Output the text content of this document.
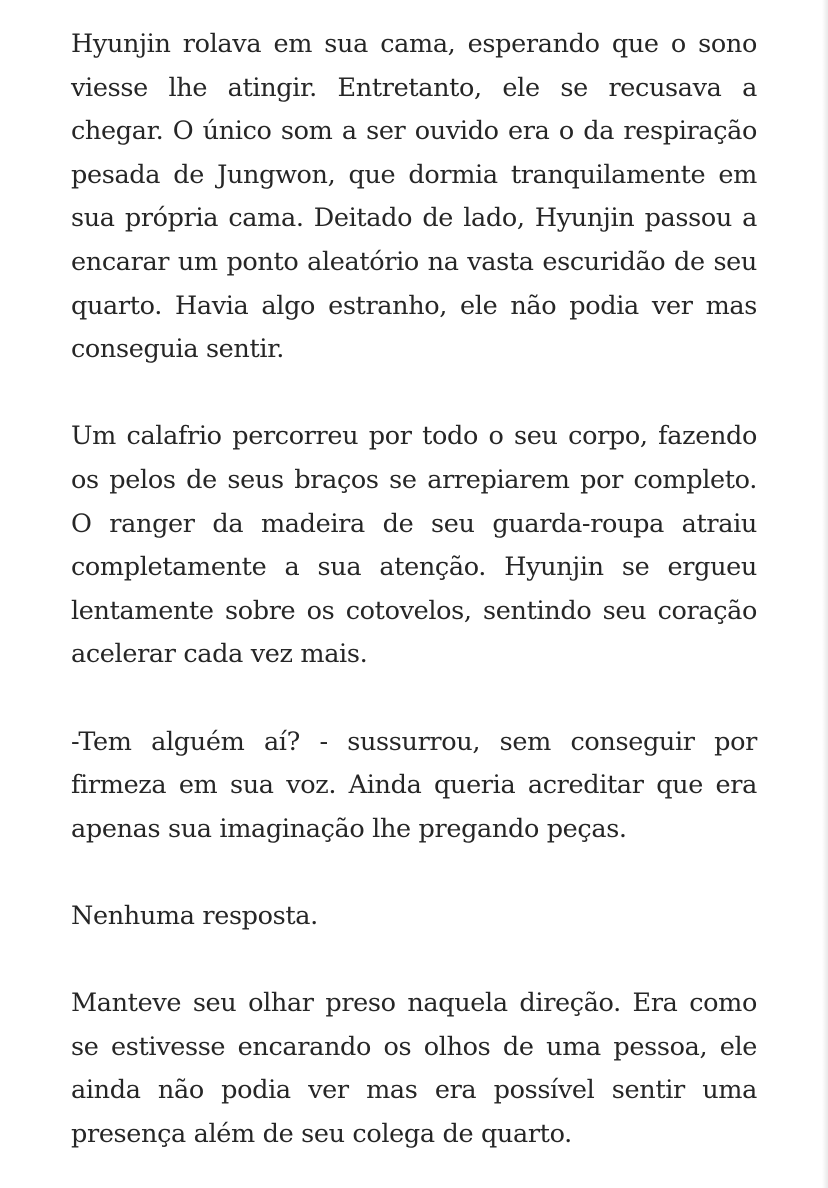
Hyunjin rolava em sua cama, esperando que o sono viesse lhe atingir. Entretanto, ele se recusava a chegar. O único som a ser ouvido era o da respiração pesada de Jungwon, que dormia tranquilamente em sua própria cama. Deitado de lado, Hyunjin passou a encarar um ponto aleatório na vasta escuridão de seu quarto. Havia algo estranho, ele não podia ver mas conseguia sentir.

Um calafrio percorreu por todo o seu corpo, fazendo os pelos de seus braços se arrepiarem por completo. O ranger da madeira de seu guarda-roupa atraiu completamente a sua atenção. Hyunjin se ergueu lentamente sobre os cotovelos, sentindo seu coração acelerar cada vez mais.

-Tem alguém aí? - sussurrou, sem conseguir por firmeza em sua voz. Ainda queria acreditar que era apenas sua imaginação lhe pregando peças.

Nenhuma resposta.

Manteve seu olhar preso naquela direção. Era como se estivesse encarando os olhos de uma pessoa, ele ainda não podia ver mas era possível sentir uma presença além de seu colega de quarto.
